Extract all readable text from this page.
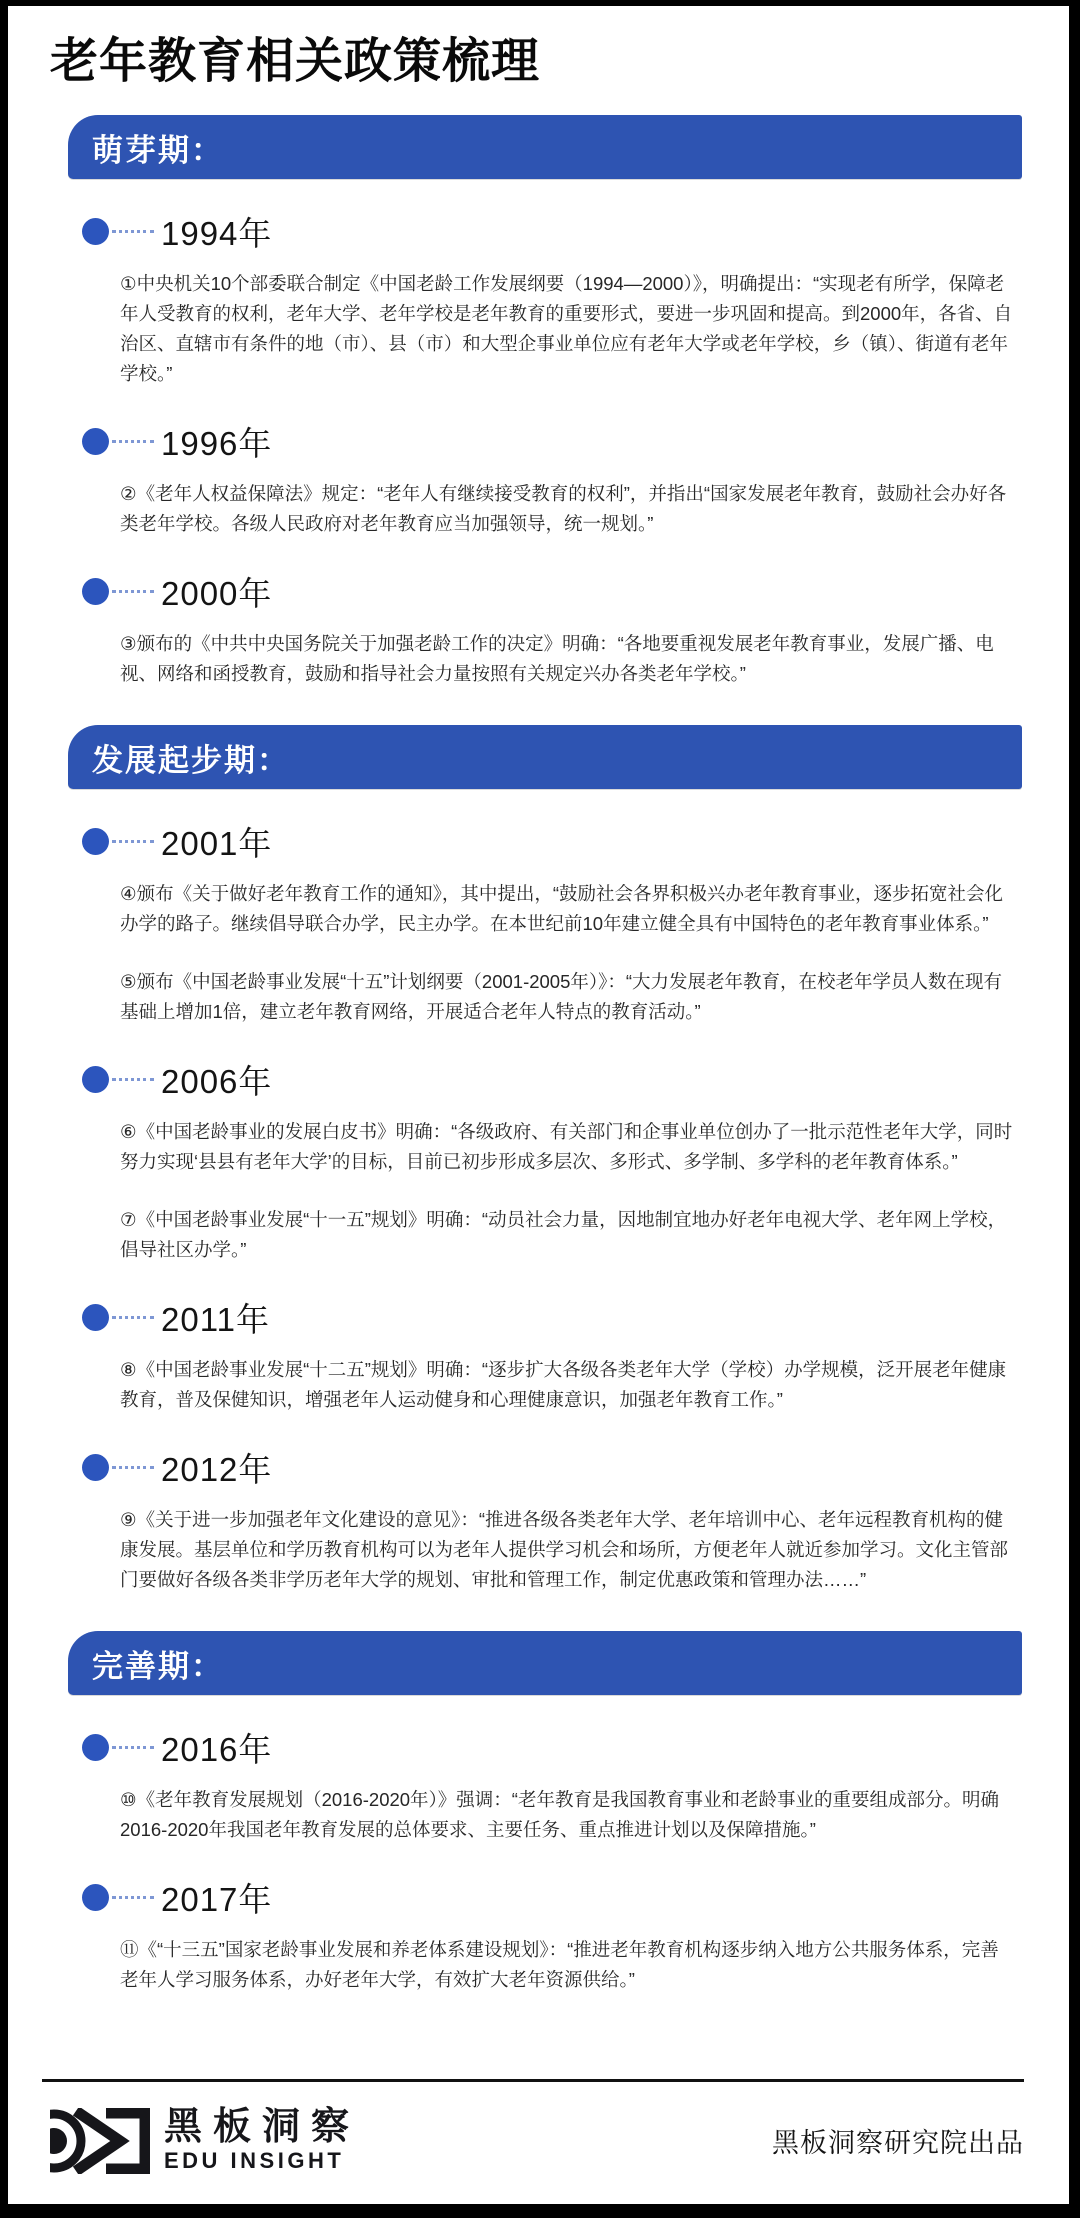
老年教育相关政策梳理
萌芽期：
1994年

①中央机关10个部委联合制定《中国老龄工作发展纲要（1994—2000）》，明确提出：“实现老有所学，保障老年人受教育的权利，老年大学、老年学校是老年教育的重要形式，要进一步巩固和提高。到2000年，各省、自治区、直辖市有条件的地（市）、县（市）和大型企事业单位应有老年大学或老年学校，乡（镇）、街道有老年学校。”

1996年

②《老年人权益保障法》规定：“老年人有继续接受教育的权利”，并指出“国家发展老年教育，鼓励社会办好各类老年学校。各级人民政府对老年教育应当加强领导，统一规划。”

2000年

③颁布的《中共中央国务院关于加强老龄工作的决定》明确：“各地要重视发展老年教育事业，发展广播、电视、网络和函授教育，鼓励和指导社会力量按照有关规定兴办各类老年学校。”

发展起步期：
2001年

④颁布《关于做好老年教育工作的通知》，其中提出，“鼓励社会各界积极兴办老年教育事业，逐步拓宽社会化办学的路子。继续倡导联合办学，民主办学。在本世纪前10年建立健全具有中国特色的老年教育事业体系。”

⑤颁布《中国老龄事业发展“十五”计划纲要（2001-2005年）》：“大力发展老年教育，在校老年学员人数在现有基础上增加1倍，建立老年教育网络，开展适合老年人特点的教育活动。”

2006年

⑥《中国老龄事业的发展白皮书》明确：“各级政府、有关部门和企事业单位创办了一批示范性老年大学，同时努力实现‘县县有老年大学’的目标，目前已初步形成多层次、多形式、多学制、多学科的老年教育体系。”

⑦《中国老龄事业发展“十一五”规划》明确：“动员社会力量，因地制宜地办好老年电视大学、老年网上学校，倡导社区办学。”

2011年

⑧《中国老龄事业发展“十二五”规划》明确：“逐步扩大各级各类老年大学（学校）办学规模，泛开展老年健康教育，普及保健知识，增强老年人运动健身和心理健康意识，加强老年教育工作。”

2012年

⑨《关于进一步加强老年文化建设的意见》：“推进各级各类老年大学、老年培训中心、老年远程教育机构的健康发展。基层单位和学历教育机构可以为老年人提供学习机会和场所，方便老年人就近参加学习。文化主管部门要做好各级各类非学历老年大学的规划、审批和管理工作，制定优惠政策和管理办法……”

完善期：
2016年

⑩《老年教育发展规划（2016-2020年）》强调：“老年教育是我国教育事业和老龄事业的重要组成部分。明确2016-2020年我国老年教育发展的总体要求、主要任务、重点推进计划以及保障措施。”

2017年

⑪《“十三五”国家老龄事业发展和养老体系建设规划》：“推进老年教育机构逐步纳入地方公共服务体系，完善老年人学习服务体系，办好老年大学，有效扩大老年资源供给。”

黑板洞察
EDU INSIGHT
黑板洞察研究院出品
